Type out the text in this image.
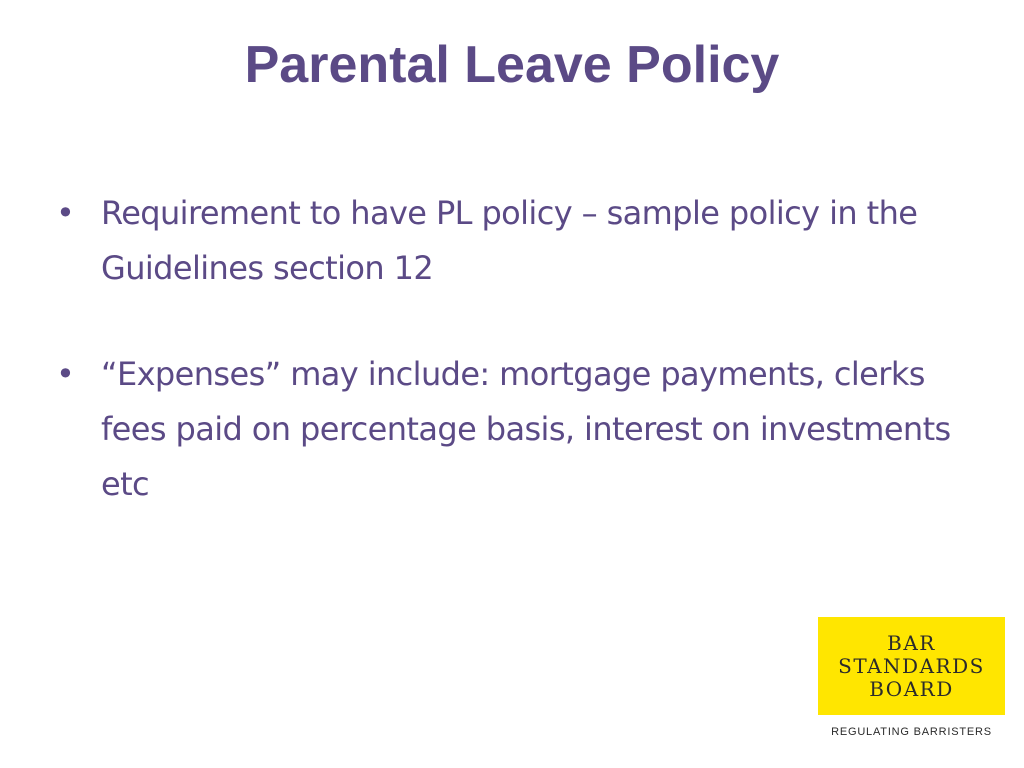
Parental Leave Policy
• Requirement to have PL policy – sample policy in the Guidelines section 12
• “Expenses” may include: mortgage payments, clerks fees paid on percentage basis, interest on investments etc
BAR
STANDARDS
BOARD
REGULATING BARRISTERS
